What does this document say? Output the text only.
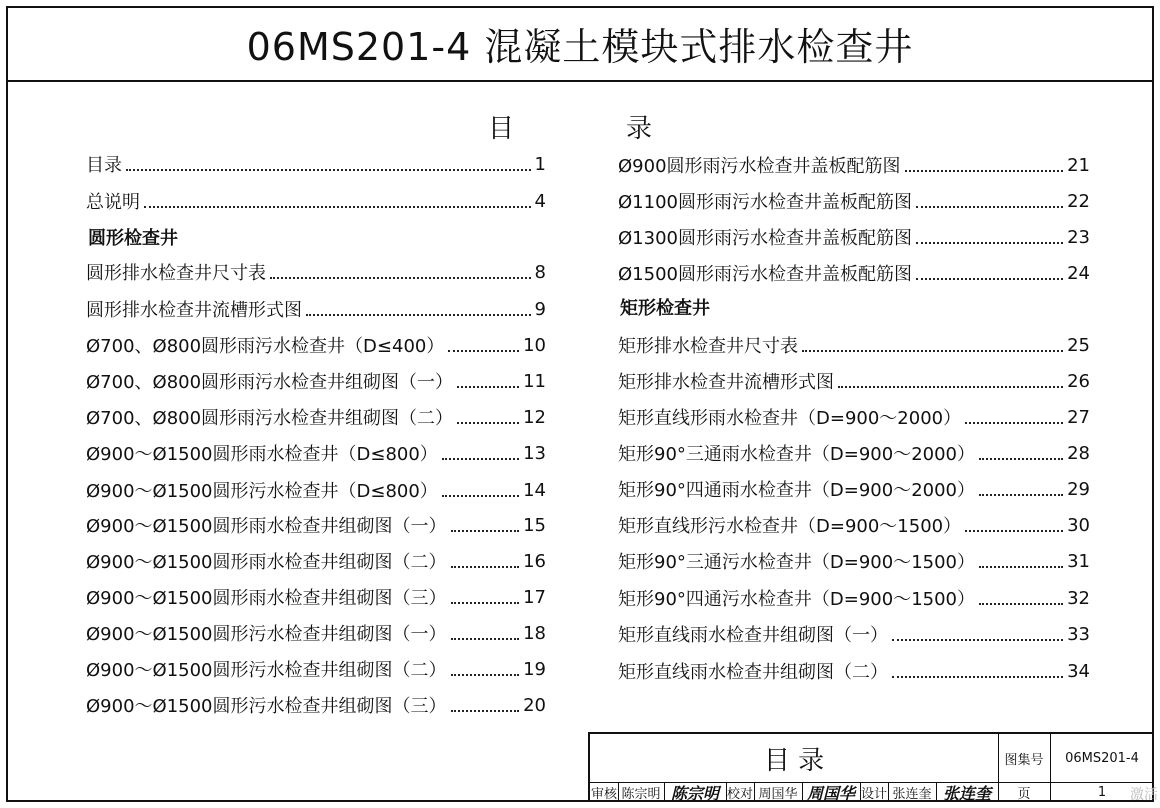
06MS201-4 混凝土模块式排水检查井
目	录
目录	1
总说明	4
圆形检查井
圆形排水检查井尺寸表	8
圆形排水检查井流槽形式图	9
Ø700、Ø800圆形雨污水检查井（D≤400）	10
Ø700、Ø800圆形雨污水检查井组砌图（一）	11
Ø700、Ø800圆形雨污水检查井组砌图（二）	12
Ø900～Ø1500圆形雨水检查井（D≤800）	13
Ø900～Ø1500圆形污水检查井（D≤800）	14
Ø900～Ø1500圆形雨水检查井组砌图（一）	15
Ø900～Ø1500圆形雨水检查井组砌图（二）	16
Ø900～Ø1500圆形雨水检查井组砌图（三）	17
Ø900～Ø1500圆形污水检查井组砌图（一）	18
Ø900～Ø1500圆形污水检查井组砌图（二）	19
Ø900～Ø1500圆形污水检查井组砌图（三）	20
Ø900圆形雨污水检查井盖板配筋图	21
Ø1100圆形雨污水检查井盖板配筋图	22
Ø1300圆形雨污水检查井盖板配筋图	23
Ø1500圆形雨污水检查井盖板配筋图	24
矩形检查井
矩形排水检查井尺寸表	25
矩形排水检查井流槽形式图	26
矩形直线形雨水检查井（D=900～2000）	27
矩形90°三通雨水检查井（D=900～2000）	28
矩形90°四通雨水检查井（D=900～2000）	29
矩形直线形污水检查井（D=900～1500）	30
矩形90°三通污水检查井（D=900～1500）	31
矩形90°四通污水检查井（D=900～1500）	32
矩形直线雨水检查井组砌图（一）	33
矩形直线雨水检查井组砌图（二）	34
目 录	图集号	06MS201-4
审核 陈宗明 陈宗明 校对 周国华 周国华 设计 张连奎 张连奎	页	1	激活
